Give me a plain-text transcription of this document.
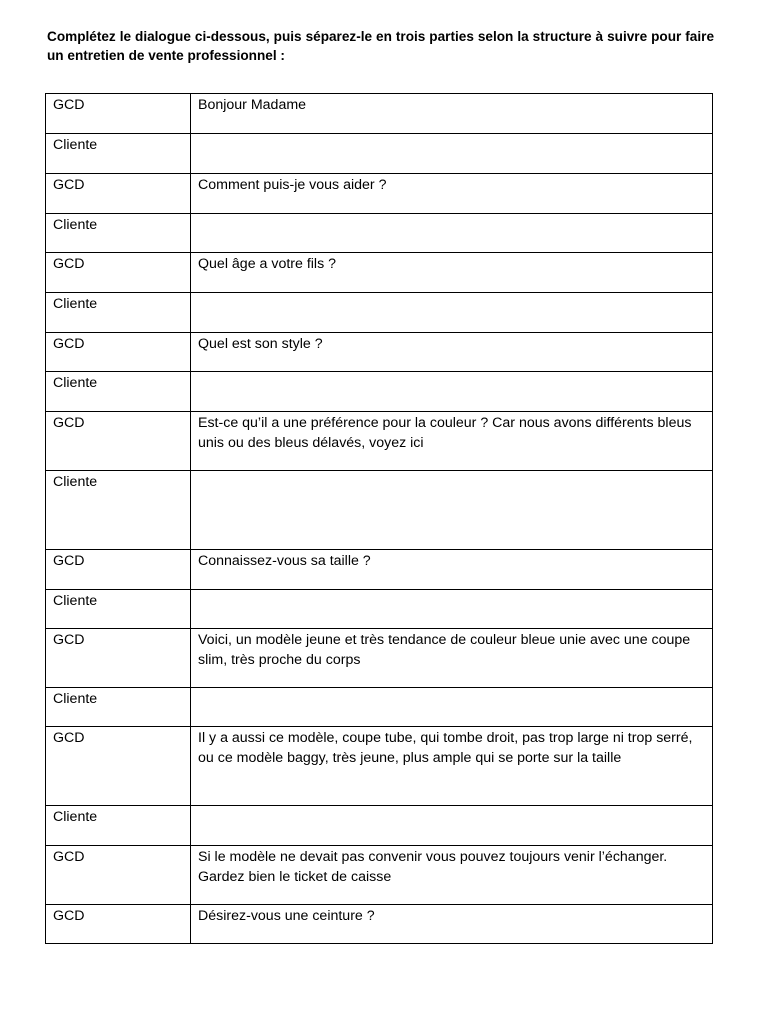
Complétez le dialogue ci-dessous, puis séparez-le en trois parties selon la structure à suivre pour faire un entretien de vente professionnel :
GCD	Bonjour Madame
Cliente	
GCD	Comment puis-je vous aider ?
Cliente	
GCD	Quel âge a votre fils ?
Cliente	
GCD	Quel est son style ?
Cliente	
GCD	Est-ce qu’il a une préférence pour la couleur ? Car nous avons différents bleus unis ou des bleus délavés, voyez ici
Cliente	
GCD	Connaissez-vous sa taille ?
Cliente	
GCD	Voici, un modèle jeune et très tendance de couleur bleue unie avec une coupe slim, très proche du corps
Cliente	
GCD	Il y a aussi ce modèle, coupe tube, qui tombe droit, pas trop large ni trop serré, ou ce modèle baggy, très jeune, plus ample qui se porte sur la taille
Cliente	
GCD	Si le modèle ne devait pas convenir vous pouvez toujours venir l’échanger. Gardez bien le ticket de caisse
GCD	Désirez-vous une ceinture ?
